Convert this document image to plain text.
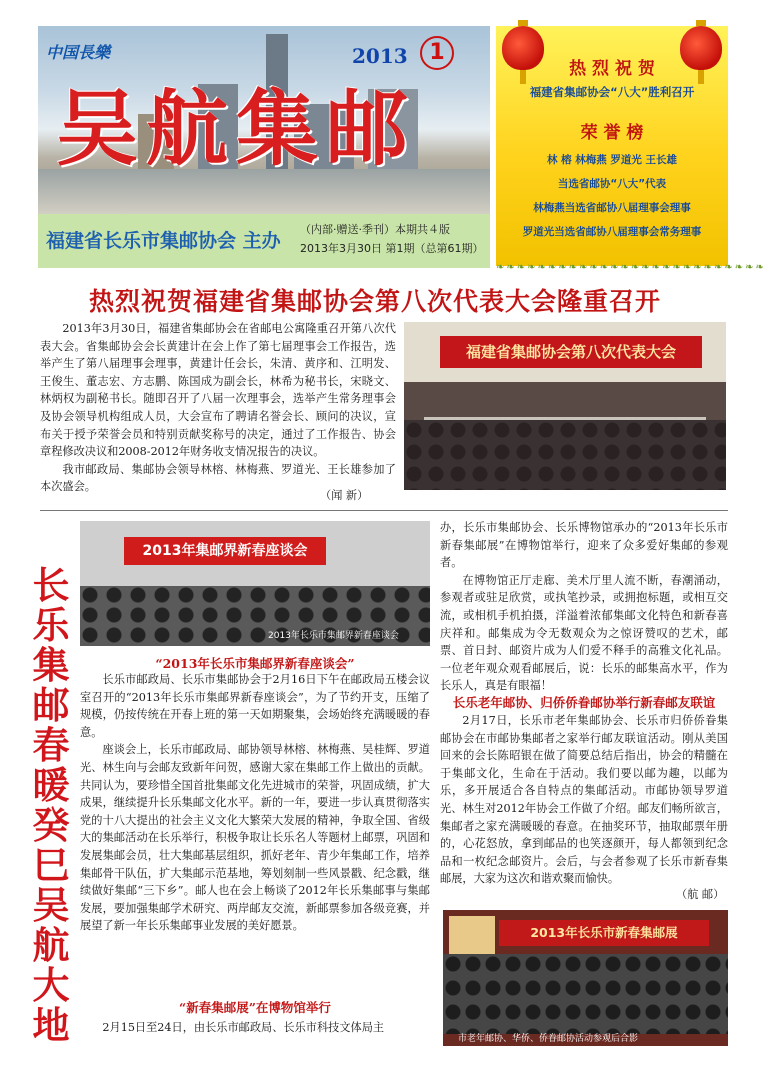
中国長樂	2013 1
吴航集邮
福建省长乐市集邮协会 主办
（内部·赠送·季刊） 本期共４版
2013年3月30日 第1期（总第61期）
热 烈 祝 贺
福建省集邮协会“八大”胜利召开
荣 誉 榜
林 榕 林梅燕 罗道光 王长雄
当选省邮协“八大”代表
林梅燕当选省邮协八届理事会理事
罗道光当选省邮协八届理事会常务理事
❧❧❧❧❧❧❧❧❧❧❧❧❧❧❧❧❧❧❧❧❧❧❧❧❧❧
热烈祝贺福建省集邮协会第八次代表大会隆重召开

2013年3月30日，福建省集邮协会在省邮电公寓隆重召开第八次代表大会。省集邮协会会长黄建计在会上作了第七届理事会工作报告，选举产生了第八届理事会理事，黄建计任会长，朱清、黄序和、江明发、王俊生、董志宏、方志鹏、陈国成为副会长，林希为秘书长，宋晓文、林炳权为副秘书长。随即召开了八届一次理事会，选举产生常务理事会及协会领导机构组成人员，大会宣布了聘请名誉会长、顾问的决议，宣布关于授予荣誉会员和特别贡献奖称号的决定，通过了工作报告、协会章程修改决议和2008-2012年财务收支情况报告的决议。

我市邮政局、集邮协会领导林榕、林梅燕、罗道光、王长雄参加了本次盛会。

（闻 新）
福建省集邮协会第八次代表大会
2013年集邮界新春座谈会
2013年长乐市集邮界新春座谈会
长
乐
集
邮
春
暖
癸
巳
吴
航
大
地
“2013年长乐市集邮界新春座谈会”

长乐市邮政局、长乐市集邮协会于2月16日下午在邮政局五楼会议室召开的“2013年长乐市集邮界新春座谈会”，为了节约开支，压缩了规模，仍按传统在开春上班的第一天如期聚集，会场始终充满暖暖的春意。

座谈会上，长乐市邮政局、邮协领导林榕、林梅燕、吴桂辉、罗道光、林生向与会邮友致新年问贺，感谢大家在集邮工作上做出的贡献。共同认为，要珍惜全国首批集邮文化先进城市的荣誉，巩固成绩，扩大成果，继续提升长乐集邮文化水平。新的一年，要进一步认真贯彻落实党的十八大提出的社会主义文化大繁荣大发展的精神，争取全国、省级大的集邮活动在长乐举行，积极争取让长乐名人等题材上邮票，巩固和发展集邮会员，壮大集邮基层组织，抓好老年、青少年集邮工作，培养集邮骨干队伍，扩大集邮示范基地，筹划刻制一些风景戳、纪念戳，继续做好集邮“三下乡”。邮人也在会上畅谈了2012年长乐集邮事与集邮发展，要加强集邮学术研究、两岸邮友交流，新邮票参加各级竞赛，并展望了新一年长乐集邮事业发展的美好愿景。

“新春集邮展”在博物馆举行

2月15日至24日，由长乐市邮政局、长乐市科技文体局主

办，长乐市集邮协会、长乐博物馆承办的“2013年长乐市新春集邮展”在博物馆举行，迎来了众多爱好集邮的参观者。

在博物馆正厅走廊、美术厅里人流不断，春潮涌动，参观者或驻足欣赏，或执笔抄录，或拥抱标题，或相互交流，或相机手机拍摄，洋溢着浓郁集邮文化特色和新春喜庆祥和。邮集成为令无数观众为之惊讶赞叹的艺术，邮票、首日封、邮资片成为人们爱不释手的高雅文化礼品。一位老年观众观看邮展后，说：长乐的邮集高水平，作为长乐人，真是有眼福！

长乐老年邮协、归侨侨眷邮协举行新春邮友联谊

2月17日，长乐市老年集邮协会、长乐市归侨侨眷集邮协会在市邮协集邮者之家举行邮友联谊活动。刚从美国回来的会长陈昭银在做了简要总结后指出，协会的精髓在于集邮文化，生命在于活动。我们要以邮为趣，以邮为乐，多开展适合各自特点的集邮活动。市邮协领导罗道光、林生对2012年协会工作做了介绍。邮友们畅所欲言，集邮者之家充满暖暖的春意。在抽奖环节，抽取邮票年册的，心花怒放，拿到邮品的也笑逐颜开，每人都领到纪念品和一枚纪念邮资片。会后，与会者参观了长乐市新春集邮展，大家为这次和谐欢聚而愉快。

（航 邮）
2013年长乐市新春集邮展
市老年邮协、华侨、侨眷邮协活动参观后合影
